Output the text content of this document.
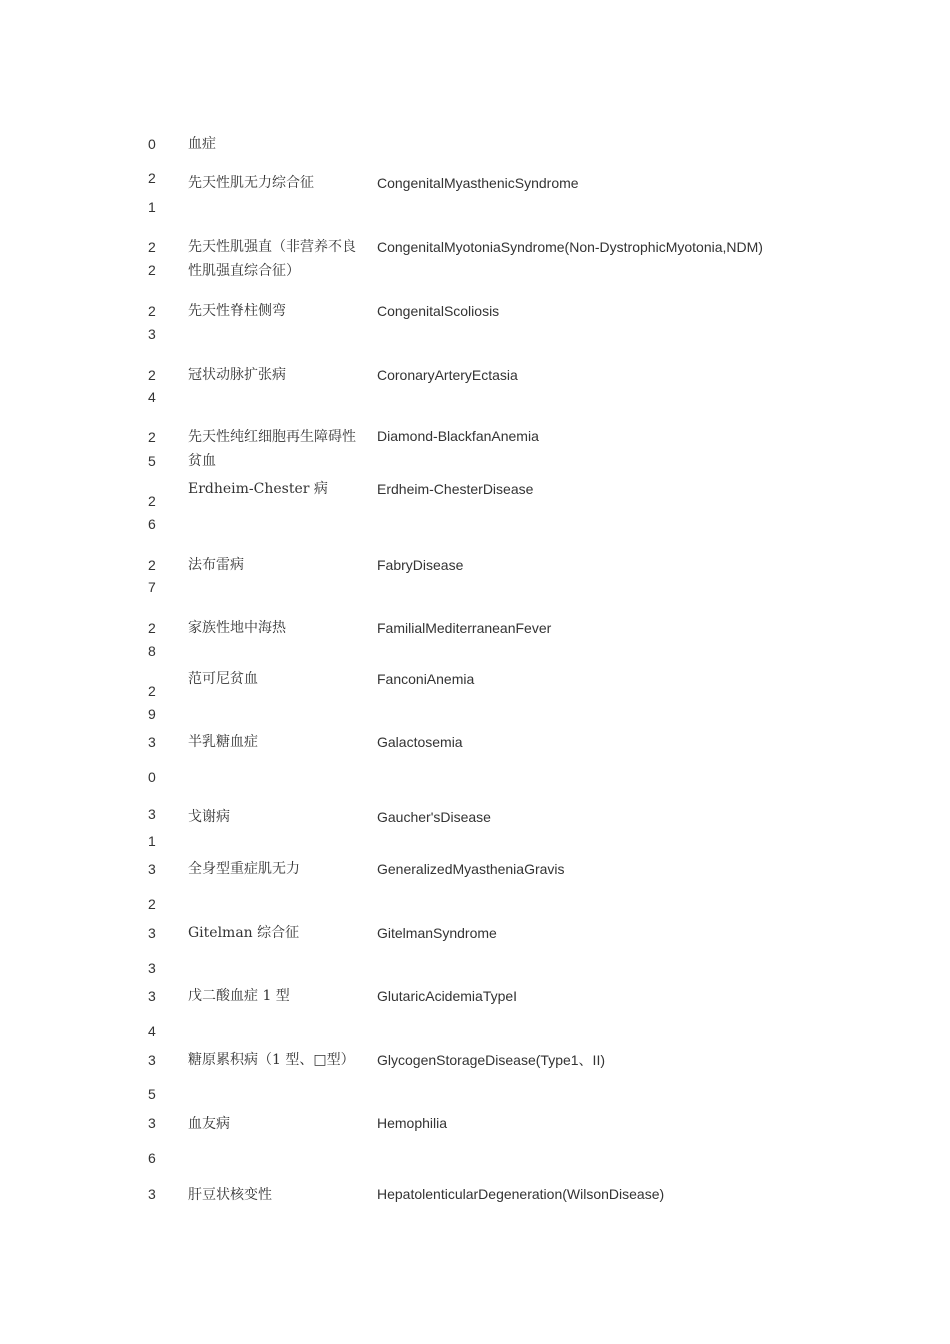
0 血症
2
1
先天性肌无力综合征	CongenitalMyasthenicSyndrome
2
2
先天性肌强直（非营养不良性肌强直综合征）
CongenitalMyotoniaSyndrome(Non-DystrophicMyotonia,NDM)
2
3
先天性脊柱侧弯	CongenitalScoliosis
2
4
冠状动脉扩张病	CoronaryArteryEctasia
2
5
先天性纯红细胞再生障碍性贫血
Diamond-BlackfanAnemia
2
6
Erdheim-Chester 病	Erdheim-ChesterDisease
2
7
法布雷病	FabryDisease
2
8
家族性地中海热	FamilialMediterraneanFever
2
9
范可尼贫血	FanconiAnemia
3
0
半乳糖血症	Galactosemia
3
1
戈谢病	Gaucher'sDisease
3
2
全身型重症肌无力	GeneralizedMyastheniaGravis
3
3
Gitelman 综合征	GitelmanSyndrome
3
4
戊二酸血症 1 型	GlutaricAcidemiaTypeI
3
5
糖原累积病（1 型、□型）	GlycogenStorageDisease(Type1、II)
3
6
血友病	Hemophilia
3 肝豆状核变性	HepatolenticularDegeneration(WilsonDisease)
